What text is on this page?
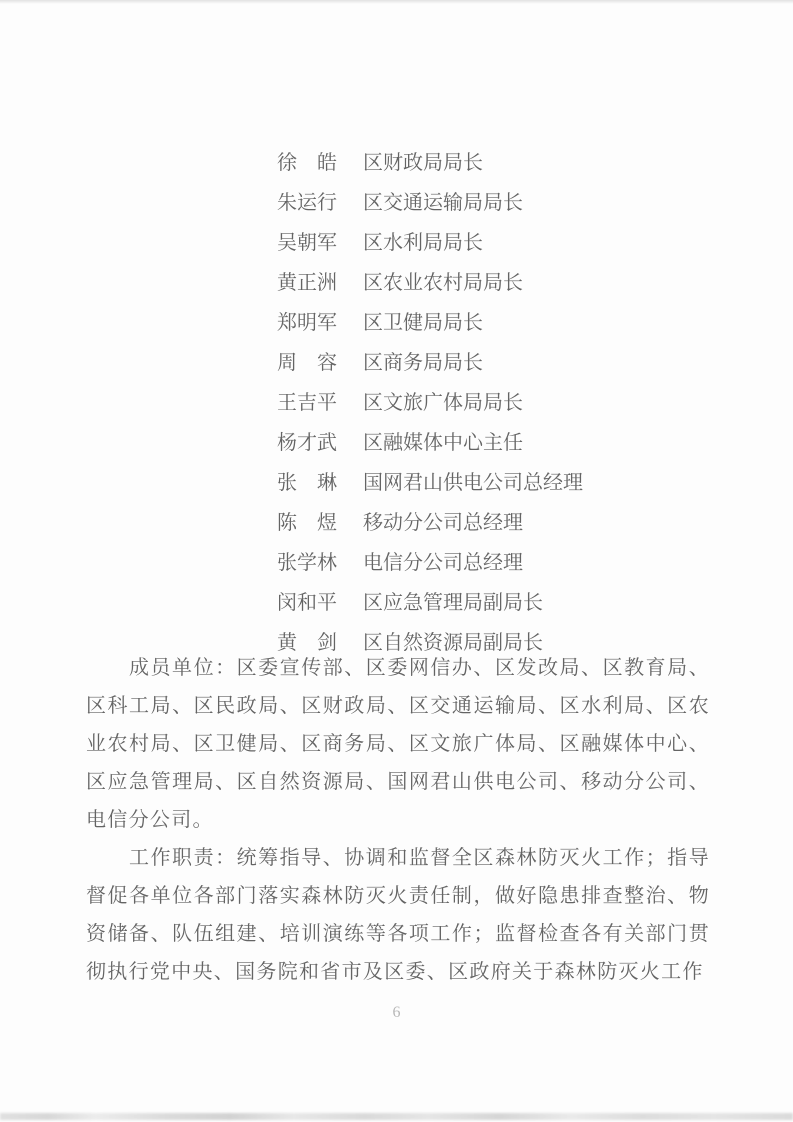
徐　皓	区财政局局长
朱运行	区交通运输局局长
吴朝军	区水利局局长
黄正洲	区农业农村局局长
郑明军	区卫健局局长
周　容	区商务局局长
王吉平	区文旅广体局局长
杨才武	区融媒体中心主任
张　琳	国网君山供电公司总经理
陈　煜	移动分公司总经理
张学林	电信分公司总经理
闵和平	区应急管理局副局长
黄　剑	区自然资源局副局长

成员单位：区委宣传部、区委网信办、区发改局、区教育局、区科工局、区民政局、区财政局、区交通运输局、区水利局、区农业农村局、区卫健局、区商务局、区文旅广体局、区融媒体中心、区应急管理局、区自然资源局、国网君山供电公司、移动分公司、电信分公司。

工作职责：统筹指导、协调和监督全区森林防灭火工作；指导督促各单位各部门落实森林防灭火责任制，做好隐患排查整治、物资储备、队伍组建、培训演练等各项工作；监督检查各有关部门贯彻执行党中央、国务院和省市及区委、区政府关于森林防灭火工作

6
